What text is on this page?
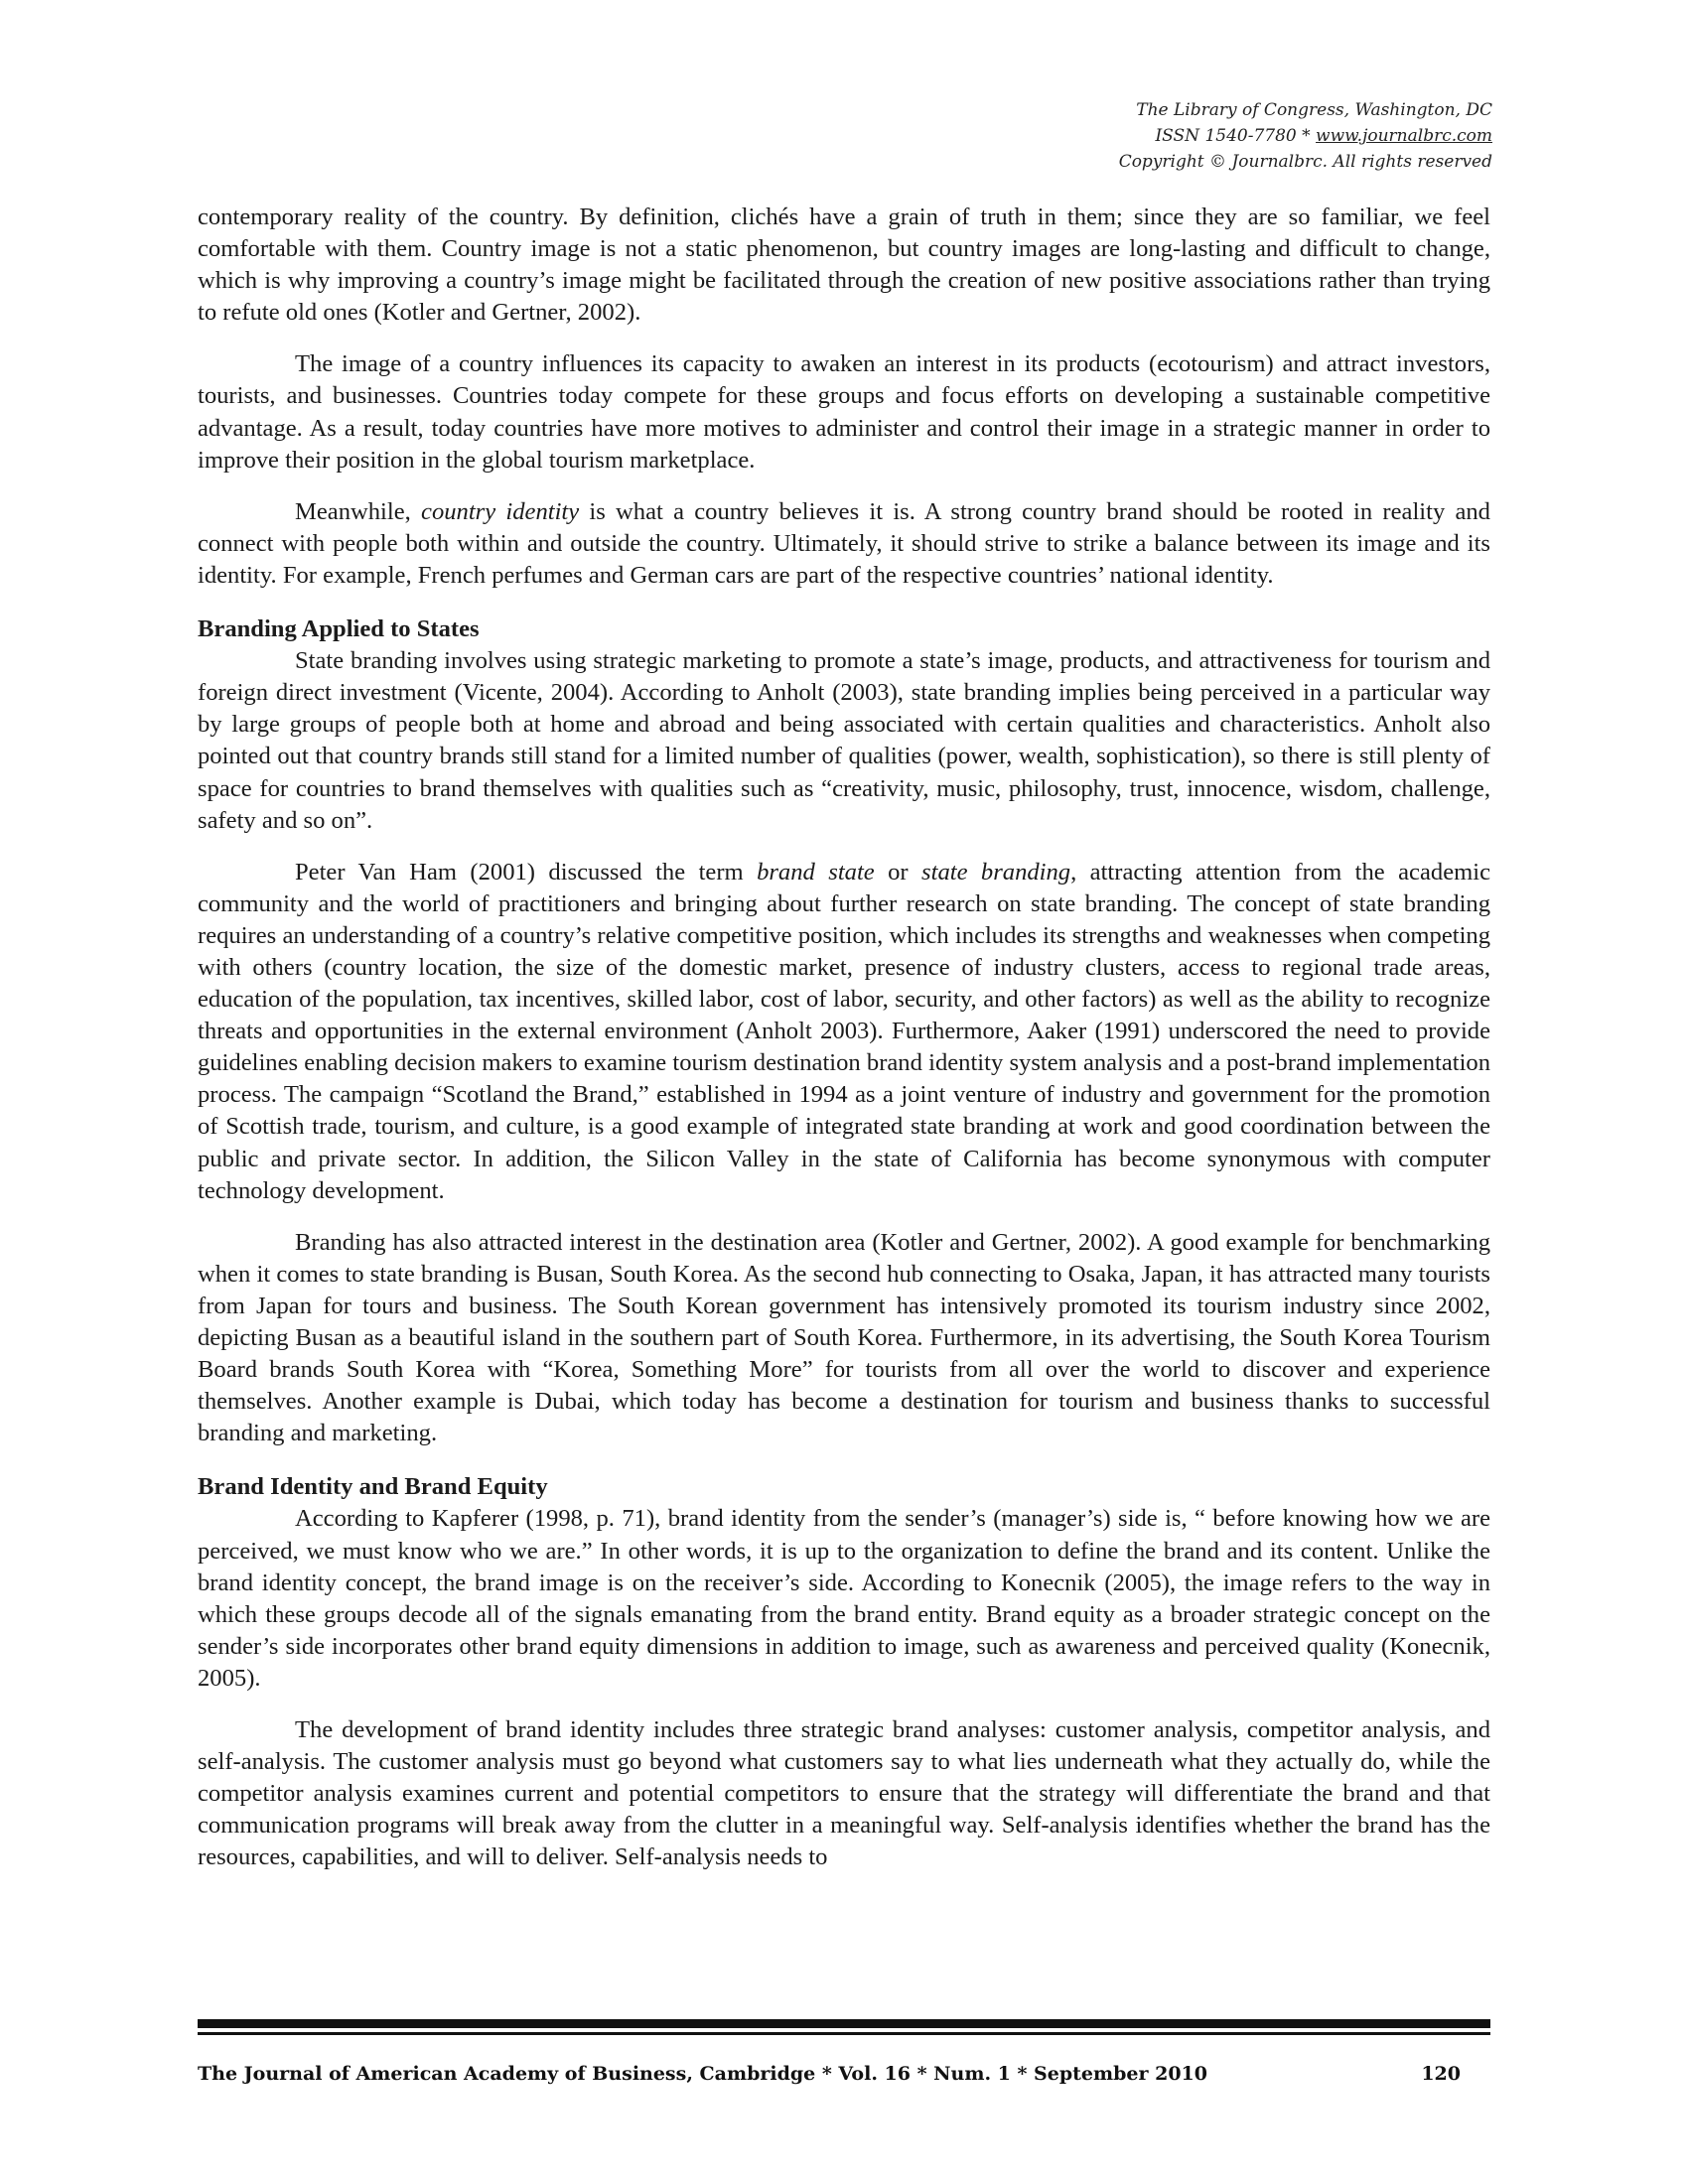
The Library of Congress, Washington, DC
ISSN 1540-7780 * www.journalbrc.com
Copyright © Journalbrc. All rights reserved

contemporary reality of the country. By definition, clichés have a grain of truth in them; since they are so familiar, we feel comfortable with them. Country image is not a static phenomenon, but country images are long-lasting and difficult to change, which is why improving a country’s image might be facilitated through the creation of new positive associations rather than trying to refute old ones (Kotler and Gertner, 2002).

The image of a country influences its capacity to awaken an interest in its products (ecotourism) and attract investors, tourists, and businesses. Countries today compete for these groups and focus efforts on developing a sustainable competitive advantage. As a result, today countries have more motives to administer and control their image in a strategic manner in order to improve their position in the global tourism marketplace.

Meanwhile, country identity is what a country believes it is. A strong country brand should be rooted in reality and connect with people both within and outside the country. Ultimately, it should strive to strike a balance between its image and its identity. For example, French perfumes and German cars are part of the respective countries’ national identity.

Branding Applied to States

State branding involves using strategic marketing to promote a state’s image, products, and attractiveness for tourism and foreign direct investment (Vicente, 2004). According to Anholt (2003), state branding implies being perceived in a particular way by large groups of people both at home and abroad and being associated with certain qualities and characteristics. Anholt also pointed out that country brands still stand for a limited number of qualities (power, wealth, sophistication), so there is still plenty of space for countries to brand themselves with qualities such as “creativity, music, philosophy, trust, innocence, wisdom, challenge, safety and so on”.

Peter Van Ham (2001) discussed the term brand state or state branding, attracting attention from the academic community and the world of practitioners and bringing about further research on state branding. The concept of state branding requires an understanding of a country’s relative competitive position, which includes its strengths and weaknesses when competing with others (country location, the size of the domestic market, presence of industry clusters, access to regional trade areas, education of the population, tax incentives, skilled labor, cost of labor, security, and other factors) as well as the ability to recognize threats and opportunities in the external environment (Anholt 2003). Furthermore, Aaker (1991) underscored the need to provide guidelines enabling decision makers to examine tourism destination brand identity system analysis and a post-brand implementation process. The campaign “Scotland the Brand,” established in 1994 as a joint venture of industry and government for the promotion of Scottish trade, tourism, and culture, is a good example of integrated state branding at work and good coordination between the public and private sector. In addition, the Silicon Valley in the state of California has become synonymous with computer technology development.

Branding has also attracted interest in the destination area (Kotler and Gertner, 2002). A good example for benchmarking when it comes to state branding is Busan, South Korea. As the second hub connecting to Osaka, Japan, it has attracted many tourists from Japan for tours and business. The South Korean government has intensively promoted its tourism industry since 2002, depicting Busan as a beautiful island in the southern part of South Korea. Furthermore, in its advertising, the South Korea Tourism Board brands South Korea with “Korea, Something More” for tourists from all over the world to discover and experience themselves. Another example is Dubai, which today has become a destination for tourism and business thanks to successful branding and marketing.

Brand Identity and Brand Equity

According to Kapferer (1998, p. 71), brand identity from the sender’s (manager’s) side is, “ before knowing how we are perceived, we must know who we are.” In other words, it is up to the organization to define the brand and its content. Unlike the brand identity concept, the brand image is on the receiver’s side. According to Konecnik (2005), the image refers to the way in which these groups decode all of the signals emanating from the brand entity. Brand equity as a broader strategic concept on the sender’s side incorporates other brand equity dimensions in addition to image, such as awareness and perceived quality (Konecnik, 2005).

The development of brand identity includes three strategic brand analyses: customer analysis, competitor analysis, and self-analysis. The customer analysis must go beyond what customers say to what lies underneath what they actually do, while the competitor analysis examines current and potential competitors to ensure that the strategy will differentiate the brand and that communication programs will break away from the clutter in a meaningful way. Self-analysis identifies whether the brand has the resources, capabilities, and will to deliver. Self-analysis needs to

The Journal of American Academy of Business, Cambridge * Vol. 16 * Num. 1 * September 2010	120
